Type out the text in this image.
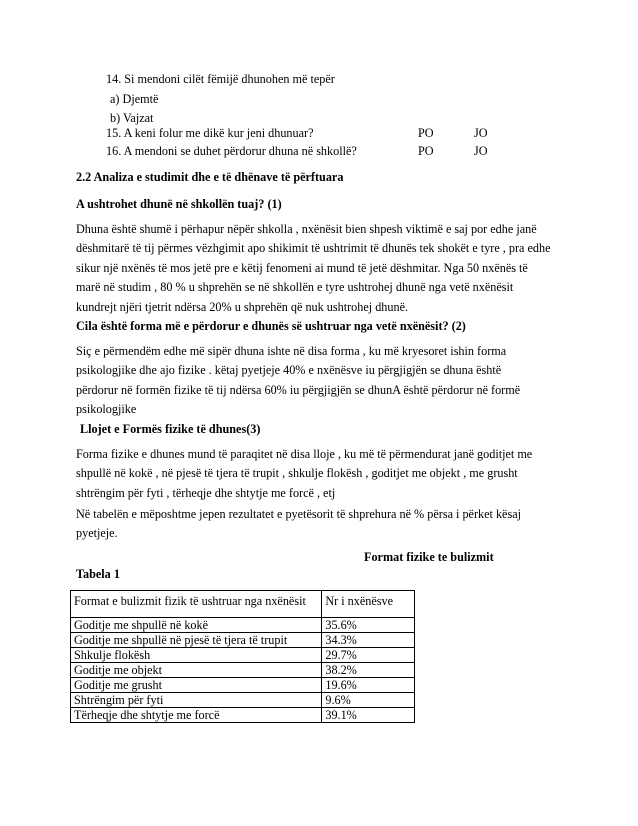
14. Si mendoni cilët fëmijë dhunohen më tepër
a) Djemtë
b) Vajzat
15. A keni folur me dikë kur jeni dhunuar?	PO	JO
16. A mendoni se duhet përdorur dhuna në shkollë?	PO	JO
2.2 Analiza e studimit dhe e të dhënave të përftuara
A ushtrohet dhunë në shkollën tuaj? (1)
Dhuna është shumë i përhapur nëpër shkolla , nxënësit bien shpesh viktimë e saj por edhe janë
dëshmitarë të tij përmes vëzhgimit apo shikimit të ushtrimit të dhunës tek shokët e tyre , pra edhe
sikur një nxënës të mos jetë pre e këtij fenomeni ai mund të jetë dëshmitar. Nga 50 nxënës të
marë në studim , 80 % u shprehën se në shkollën e tyre ushtrohej dhunë nga vetë nxënësit
kundrejt njëri tjetrit ndërsa 20% u shprehën që nuk ushtrohej dhunë.
Cila është forma më e përdorur e dhunës së ushtruar nga vetë nxënësit? (2)
Siç e përmendëm edhe më sipër dhuna ishte në disa forma , ku më kryesoret ishin forma
psikologjike dhe ajo fizike . këtaj pyetjeje 40% e nxënësve iu përgjigjën se dhuna është
përdorur në formën fizike të tij ndërsa 60% iu përgjigjën se dhunA është përdorur në formë
psikologjike
Llojet e Formës fizike të dhunes(3)
Forma fizike e dhunes mund të paraqitet në disa lloje , ku më të përmendurat janë goditjet me
shpullë në kokë , në pjesë të tjera të trupit , shkulje flokësh , goditjet me objekt , me grusht
shtrëngim për fyti , tërheqje dhe shtytje me forcë , etj
Në tabelën e mëposhtme jepen rezultatet e pyetësorit të shprehura në % përsa i përket kësaj
pyetjeje.
Format fizike te bulizmit
Tabela 1
Format e bulizmit fizik të ushtruar nga nxënësit	Nr i nxënësve
Goditje me shpullë në kokë	35.6%
Goditje me shpullë në pjesë të tjera të trupit	34.3%
Shkulje flokësh	29.7%
Goditje me objekt	38.2%
Goditje me grusht	19.6%
Shtrëngim për fyti	9.6%
Tërheqje dhe shtytje me forcë	39.1%
